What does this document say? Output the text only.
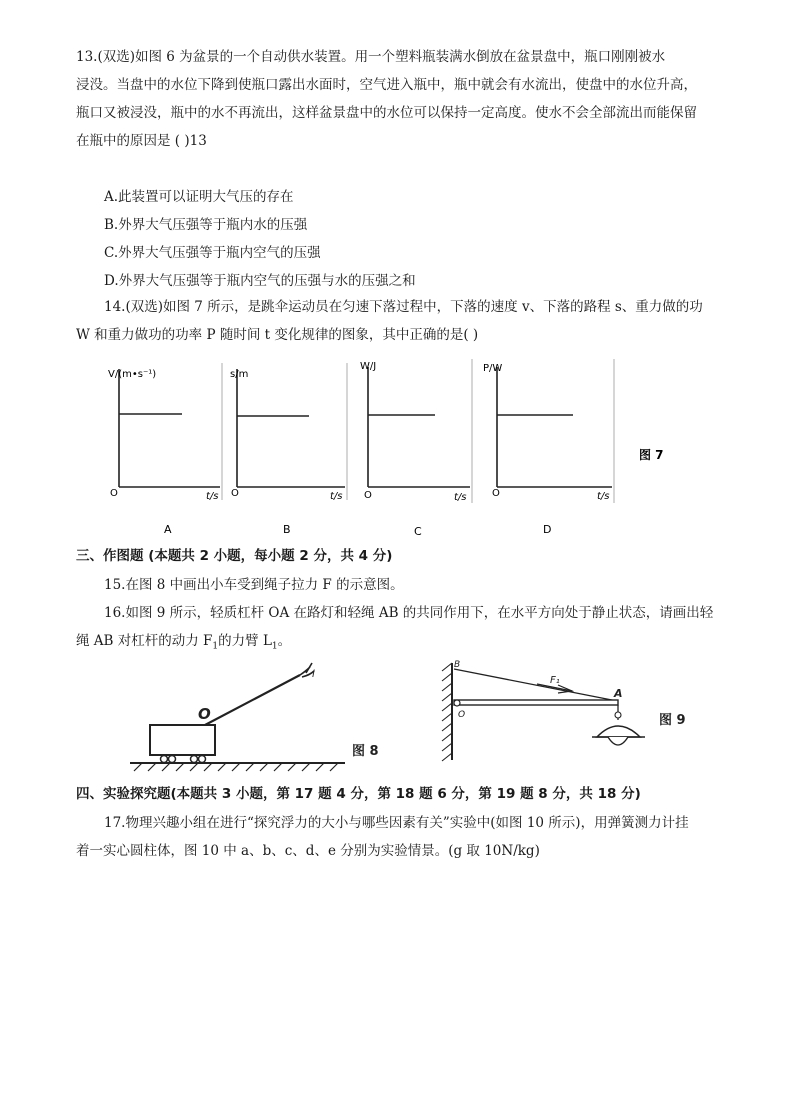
13.(双选)如图 6 为盆景的一个自动供水装置。用一个塑料瓶装满水倒放在盆景盘中，瓶口刚刚被水
浸没。当盘中的水位下降到使瓶口露出水面时，空气进入瓶中，瓶中就会有水流出，使盘中的水位升高，
瓶口又被浸没，瓶中的水不再流出，这样盆景盘中的水位可以保持一定高度。使水不会全部流出而能保留
在瓶中的原因是 ( )13
A.此装置可以证明大气压的存在
B.外界大气压强等于瓶内水的压强
C.外界大气压强等于瓶内空气的压强
D.外界大气压强等于瓶内空气的压强与水的压强之和
14.(双选)如图 7 所示，是跳伞运动员在匀速下落过程中，下落的速度 v、下落的路程 s、重力做的功
W 和重力做功的功率 P 随时间 t 变化规律的图象，其中正确的是( )
V/(m•s⁻¹)
O	t/s
A
s/m
O	t/s
B
W/J
O	t/s
C
P/W
O	t/s
D
图 7
三、作图题 (本题共 2 小题，每小题 2 分，共 4 分)
15.在图 8 中画出小车受到绳子拉力 F 的示意图。
16.如图 9 所示，轻质杠杆 OA 在路灯和轻绳 AB 的共同作用下，在水平方向处于静止状态，请画出轻
绳 AB 对杠杆的动力 $F_1$的力臂 $L_1$。
l
O
图 8
F₁
B
O
A
图 9
四、实验探究题(本题共 3 小题，第 17 题 4 分，第 18 题 6 分，第 19 题 8 分，共 18 分)
17.物理兴趣小组在进行“探究浮力的大小与哪些因素有关”实验中(如图 10 所示)，用弹簧测力计挂
着一实心圆柱体，图 10 中 a、b、c、d、e 分别为实验情景。(g 取 10N/kg)
